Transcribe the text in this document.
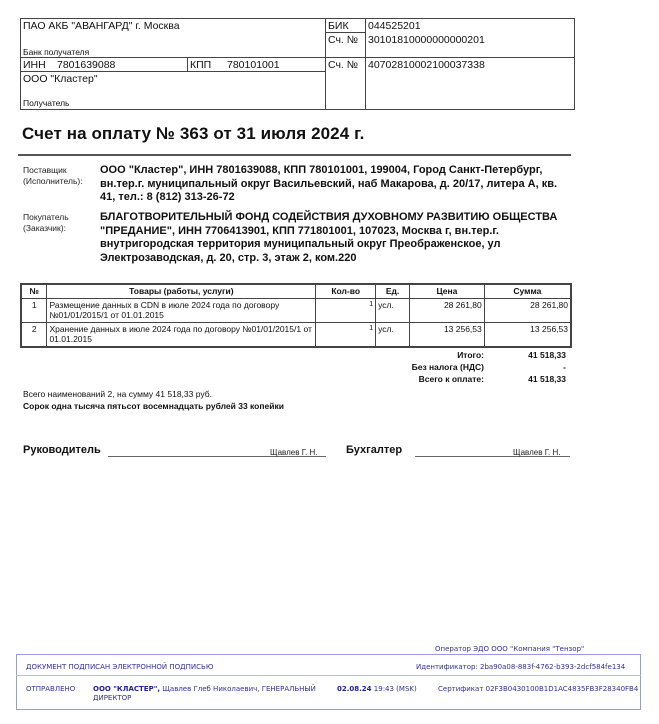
ПАО АКБ "АВАНГАРД" г. Москва
Банк получателя
ИНН 7801639088	КПП 780101001
ООО "Кластер"
Получатель
БИК 044525201
Сч. № 30101810000000000201
Сч. № 40702810002100037338
Счет на оплату № 363 от 31 июля 2024 г.
Поставщик
(Исполнитель):
ООО "Кластер", ИНН 7801639088, КПП 780101001, 199004, Город Санкт-Петербург, вн.тер.г. муниципальный округ Васильевский, наб Макарова, д. 20/17, литера А, кв. 41, тел.: 8 (812) 313-26-72
Покупатель
(Заказчик):
БЛАГОТВОРИТЕЛЬНЫЙ ФОНД СОДЕЙСТВИЯ ДУХОВНОМУ РАЗВИТИЮ ОБЩЕСТВА "ПРЕДАНИЕ", ИНН 7706413901, КПП 771801001, 107023, Москва г, вн.тер.г. внутригородская территория муниципальный округ Преображенское, ул Электрозаводская, д. 20, стр. 3, этаж 2, ком.220
№	Товары (работы, услуги)	Кол-во	Ед.	Цена	Сумма
1	Размещение данных в CDN в июле 2024 года по договору №01/01/2015/1 от 01.01.2015	1	усл.	28 261,80	28 261,80
2	Хранение данных в июле 2024 года по договору №01/01/2015/1 от 01.01.2015	1	усл.	13 256,53	13 256,53
Итого:	41 518,33
Без налога (НДС)	-
Всего к оплате:	41 518,33
Всего наименований 2, на сумму 41 518,33 руб.
Сорок одна тысяча пятьсот восемнадцать рублей 33 копейки
Руководитель	Щавлев Г. Н.	Бухгалтер	Щавлев Г. Н.
Оператор ЭДО ООО "Компания "Тензор"
ДОКУМЕНТ ПОДПИСАН ЭЛЕКТРОННОЙ ПОДПИСЬЮ	Идентификатор: 2ba90a08-883f-4762-b393-2dcf584fe134
ОТПРАВЛЕНО	ООО "КЛАСТЕР", Щавлев Глеб Николаевич, ГЕНЕРАЛЬНЫЙ
ДИРЕКТОР
02.08.24 19:43 (MSK)	Сертификат 02F3B0430100B1D1AC4835FB3F28340FB4
